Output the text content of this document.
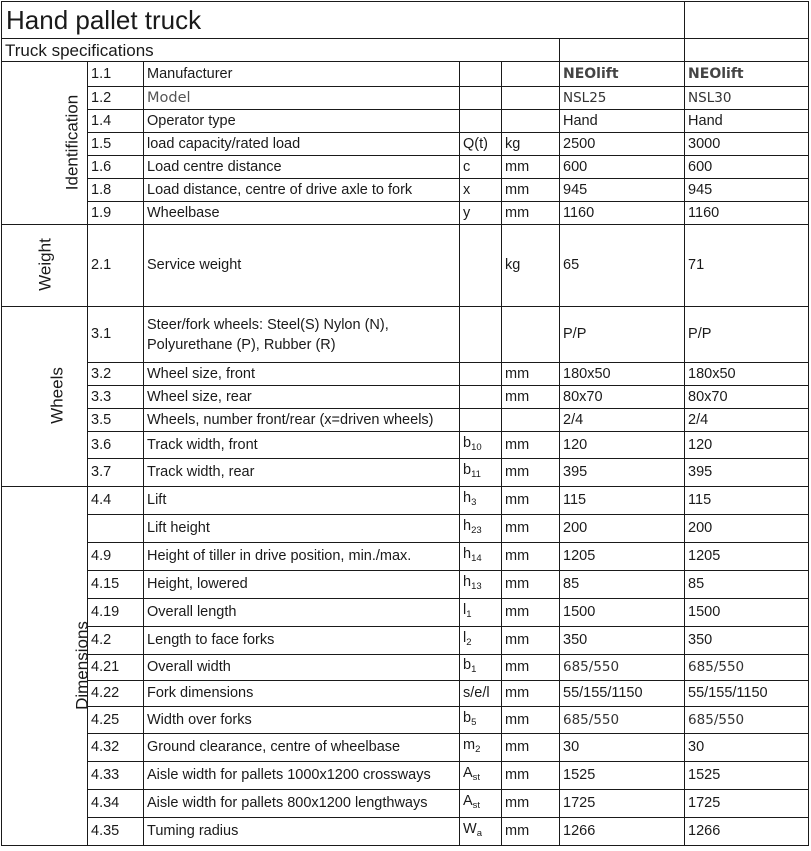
Hand pallet truck						
Truck specifications						
Identification	1.1	Manufacturer			NEOlift	NEOlift
	1.2	Model			NSL25	NSL30
	1.4	Operator type			Hand	Hand
	1.5	load capacity/rated load	Q(t)	kg	2500	3000
	1.6	Load centre distance	c	mm	600	600
	1.8	Load distance, centre of drive axle to fork	x	mm	945	945
	1.9	Wheelbase	y	mm	1160	1160
Weight	2.1	Service weight		kg	65	71
Wheels	3.1	Steer/fork wheels: Steel(S) Nylon (N), Polyurethane (P), Rubber (R)			P/P	P/P
	3.2	Wheel size, front		mm	180x50	180x50
	3.3	Wheel size, rear		mm	80x70	80x70
	3.5	Wheels, number front/rear (x=driven wheels)			2/4	2/4
	3.6	Track width, front	$b_{10}$	mm	120	120
	3.7	Track width, rear	$b_{11}$	mm	395	395
Dimensions	4.4	Lift	$h_3$	mm	115	115
		Lift height	$h_{23}$	mm	200	200
	4.9	Height of tiller in drive position, min./max.	$h_{14}$	mm	1205	1205
	4.15	Height, lowered	$h_{13}$	mm	85	85
	4.19	Overall length	$l_1$	mm	1500	1500
	4.2	Length to face forks	$l_2$	mm	350	350
	4.21	Overall width	$b_1$	mm	685/550	685/550
	4.22	Fork dimensions	s/e/l	mm	55/155/1150	55/155/1150
	4.25	Width over forks	$b_5$	mm	685/550	685/550
	4.32	Ground clearance, centre of wheelbase	$m_2$	mm	30	30
	4.33	Aisle width for pallets 1000x1200 crossways	$A_{st}$	mm	1525	1525
	4.34	Aisle width for pallets 800x1200 lengthways	$A_{st}$	mm	1725	1725
	4.35	Tuming radius	$W_a$	mm	1266	1266
